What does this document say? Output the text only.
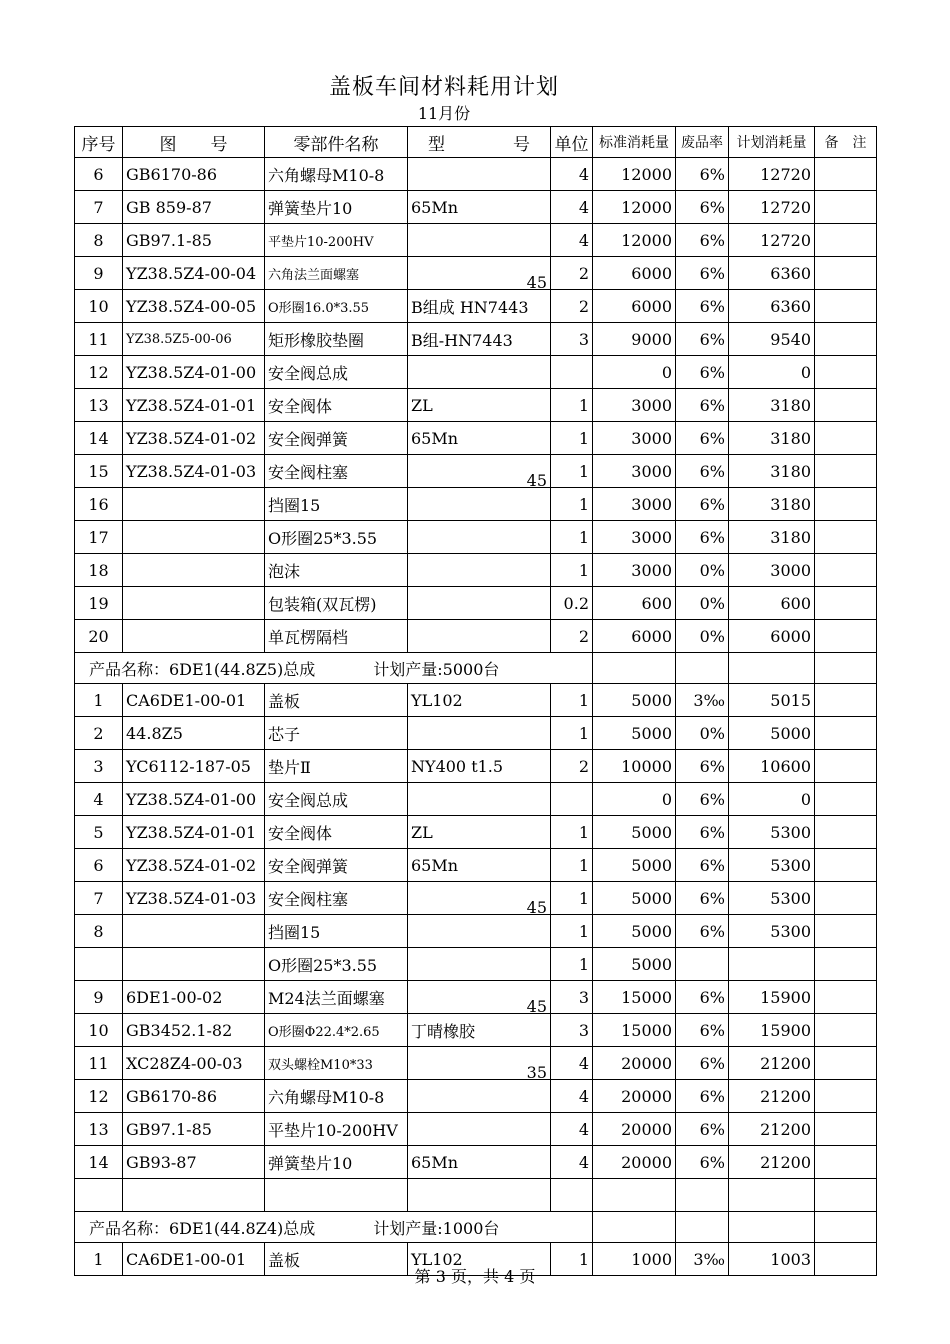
盖板车间材料耗用计划
11月份
序号	图　　号	零部件名称	型　　　　号	单位	标准消耗量	废品率	计划消耗量	备　注
6	GB6170-86	六角螺母M10-8		4	12000	6%	12720	
7	GB 859-87	弹簧垫片10	65Mn	4	12000	6%	12720	
8	GB97.1-85	平垫片10-200HV		4	12000	6%	12720	
9	YZ38.5Z4-00-04	六角法兰面螺塞	45	2	6000	6%	6360	
10	YZ38.5Z4-00-05	O形圈16.0*3.55	B组成 HN7443	2	6000	6%	6360	
11	YZ38.5Z5-00-06	矩形橡胶垫圈	B组-HN7443	3	9000	6%	9540	
12	YZ38.5Z4-01-00	安全阀总成			0	6%	0	
13	YZ38.5Z4-01-01	安全阀体	ZL	1	3000	6%	3180	
14	YZ38.5Z4-01-02	安全阀弹簧	65Mn	1	3000	6%	3180	
15	YZ38.5Z4-01-03	安全阀柱塞	45	1	3000	6%	3180	
16		挡圈15		1	3000	6%	3180	
17		O形圈25*3.55		1	3000	6%	3180	
18		泡沫		1	3000	0%	3000	
19		包装箱(双瓦楞)		0.2	600	0%	600	
20		单瓦楞隔档		2	6000	0%	6000	
产品名称：6DE1(44.8Z5)总成 计划产量:5000台								
1	CA6DE1-00-01	盖板	YL102	1	5000	3‰	5015	
2	44.8Z5	芯子		1	5000	0%	5000	
3	YC6112-187-05	垫片Ⅱ	NY400 t1.5	2	10000	6%	10600	
4	YZ38.5Z4-01-00	安全阀总成			0	6%	0	
5	YZ38.5Z4-01-01	安全阀体	ZL	1	5000	6%	5300	
6	YZ38.5Z4-01-02	安全阀弹簧	65Mn	1	5000	6%	5300	
7	YZ38.5Z4-01-03	安全阀柱塞	45	1	5000	6%	5300	
8		挡圈15		1	5000	6%	5300	
		O形圈25*3.55		1	5000			
9	6DE1-00-02	M24法兰面螺塞	45	3	15000	6%	15900	
10	GB3452.1-82	O形圈Φ22.4*2.65	丁晴橡胶	3	15000	6%	15900	
11	XC28Z4-00-03	双头螺栓M10*33	35	4	20000	6%	21200	
12	GB6170-86	六角螺母M10-8		4	20000	6%	21200	
13	GB97.1-85	平垫片10-200HV		4	20000	6%	21200	
14	GB93-87	弹簧垫片10	65Mn	4	20000	6%	21200	

产品名称：6DE1(44.8Z4)总成 计划产量:1000台								
1	CA6DE1-00-01	盖板	YL102	1	1000	3‰	1003	
第 3 页，共 4 页
